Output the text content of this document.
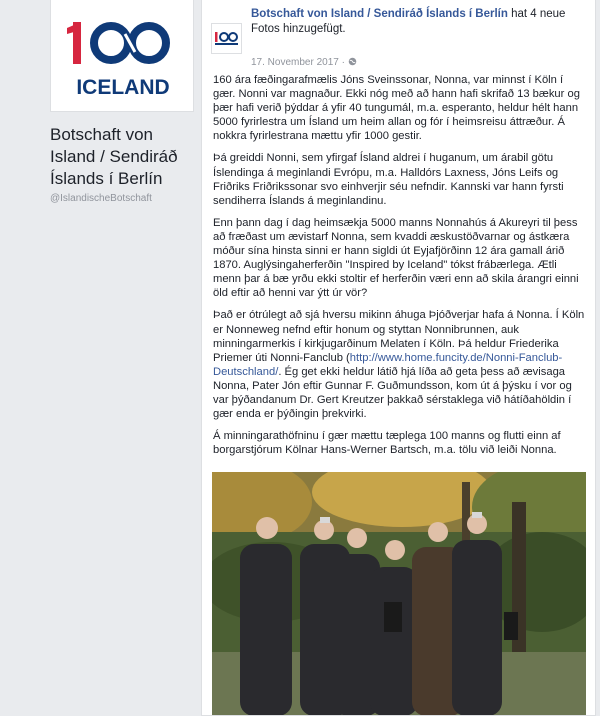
100
ICELAND
Botschaft von Island / Sendiráð Íslands í Berlín
@IslandischeBotschaft
Botschaft von Island / Sendiráð Íslands í Berlín hat 4 neue Fotos hinzugefügt.
17. November 2017 ·

160 ára fæðingarafmælis Jóns Sveinssonar, Nonna, var minnst í Köln í gær. Nonni var magnaður. Ekki nóg með að hann hafi skrifað 13 bækur og þær hafi verið þýddar á yfir 40 tungumál, m.a. esperanto, heldur hélt hann 5000 fyrirlestra um Ísland um heim allan og fór í heimsreisu áttræður. Á nokkra fyrirlestrana mættu yfir 1000 gestir.

Þá greiddi Nonni, sem yfirgaf Ísland aldrei í huganum, um árabil götu Íslendinga á meginlandi Evrópu, m.a. Halldórs Laxness, Jóns Leifs og Friðriks Friðrikssonar svo einhverjir séu nefndir. Kannski var hann fyrsti sendiherra Íslands á meginlandinu.

Enn þann dag í dag heimsækja 5000 manns Nonnahús á Akureyri til þess að fræðast um ævistarf Nonna, sem kvaddi æskustöðvarnar og ástkæra móður sína hinsta sinni er hann sigldi út Eyjafjörðinn 12 ára gamall árið 1870. Auglýsingaherferðin "Inspired by Iceland" tókst frábærlega. Ætli menn þar á bæ yrðu ekki stoltir ef herferðin væri enn að skila árangri einni öld eftir að henni var ýtt úr vör?

Það er ótrúlegt að sjá hversu mikinn áhuga Þjóðverjar hafa á Nonna. Í Köln er Nonneweg nefnd eftir honum og styttan Nonnibrunnen, auk minningarmerkis í kirkjugarðinum Melaten í Köln. Þá heldur Friederika Priemer úti Nonni-Fanclub (http://www.home.funcity.de/Nonni-Fanclub-Deutschland/. Ég get ekki heldur látið hjá líða að geta þess að ævisaga Nonna, Pater Jón eftir Gunnar F. Guðmundsson, kom út á þýsku í vor og var þýðandanum Dr. Gert Kreutzer þakkað sérstaklega við hátíðahöldin í gær enda er þýðingin þrekvirki.

Á minningarathöfninu í gær mættu tæplega 100 manns og flutti einn af borgarstjórum Kölnar Hans-Werner Bartsch, m.a. tölu við leiði Nonna.
